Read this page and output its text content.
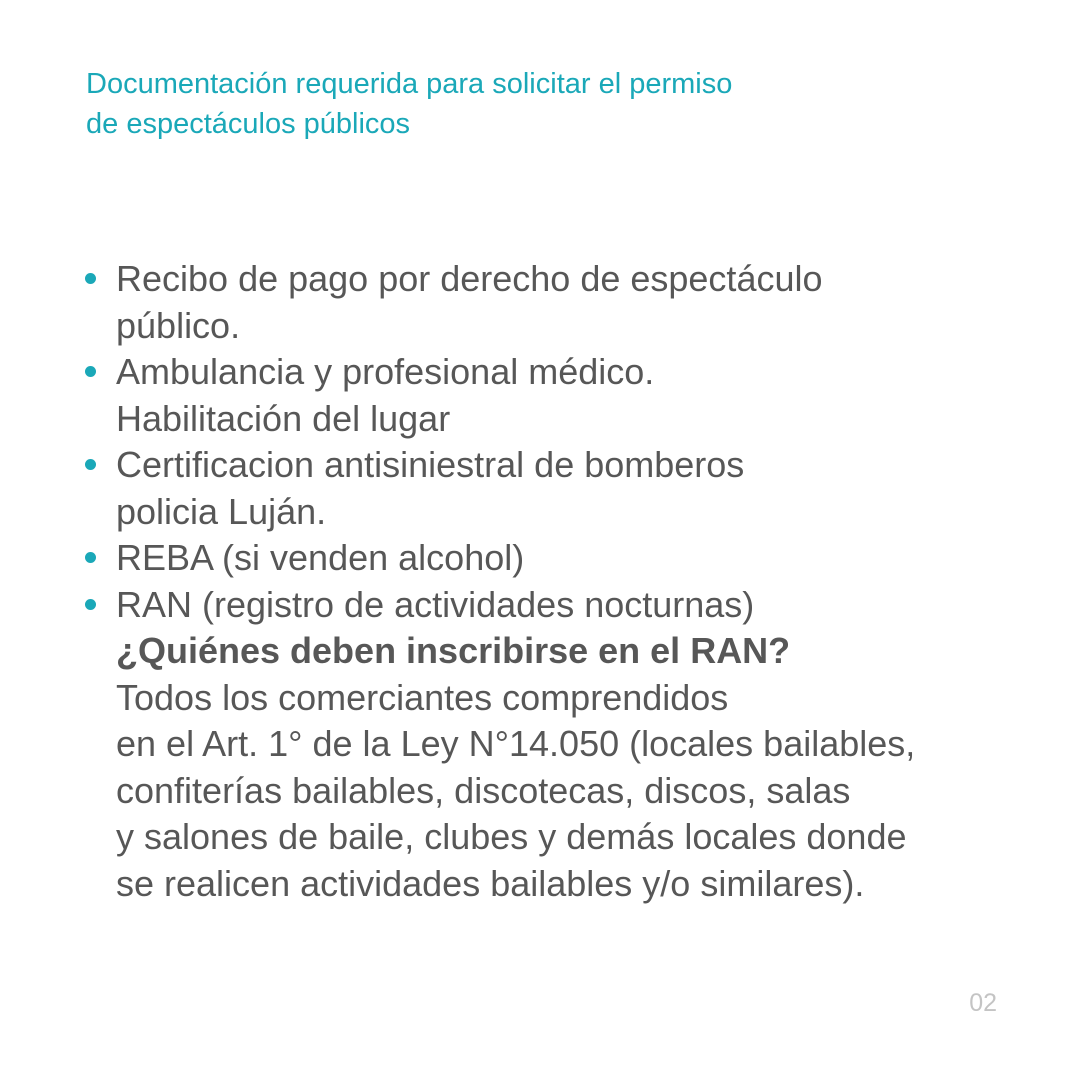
Documentación requerida para solicitar el permiso
de espectáculos públicos
Recibo de pago por derecho de espectáculo
público.
Ambulancia y profesional médico.
Habilitación del lugar
Certificacion antisiniestral de bomberos
policia Luján.
REBA (si venden alcohol)
RAN (registro de actividades nocturnas)
¿Quiénes deben inscribirse en el RAN?
Todos los comerciantes comprendidos
en el Art. 1° de la Ley N°14.050 (locales bailables,
confiterías bailables, discotecas, discos, salas
y salones de baile, clubes y demás locales donde
se realicen actividades bailables y/o similares).
02
